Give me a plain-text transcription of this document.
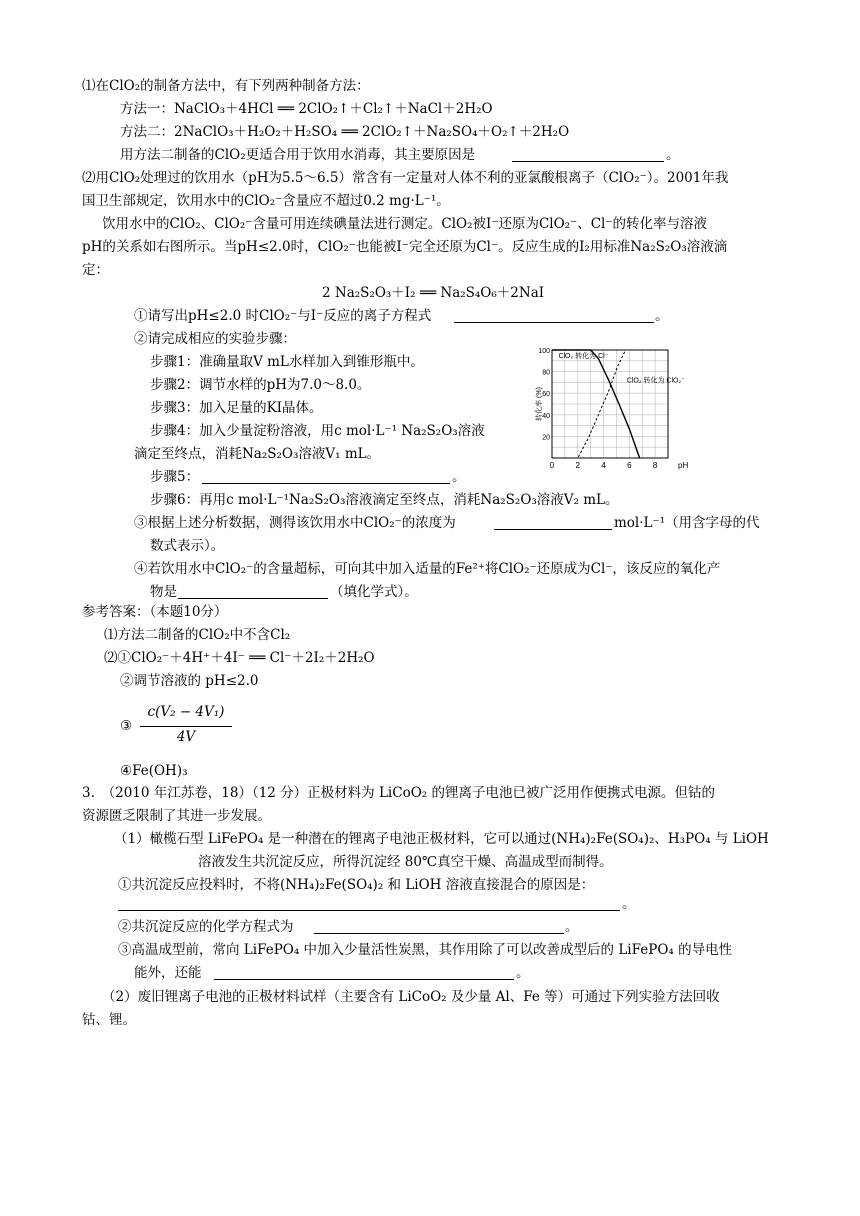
⑴在ClO₂的制备方法中，有下列两种制备方法：
方法一：NaClO₃＋4HCl ══ 2ClO₂↑＋Cl₂↑＋NaCl＋2H₂O
方法二：2NaClO₃＋H₂O₂＋H₂SO₄ ══ 2ClO₂↑＋Na₂SO₄＋O₂↑＋2H₂O
用方法二制备的ClO₂更适合用于饮用水消毒，其主要原因是	。
⑵用ClO₂处理过的饮用水（pH为5.5～6.5）常含有一定量对人体不利的亚氯酸根离子（ClO₂⁻）。2001年我
国卫生部规定，饮用水中的ClO₂⁻含量应不超过0.2 mg·L⁻¹。
饮用水中的ClO₂、ClO₂⁻含量可用连续碘量法进行测定。ClO₂被I⁻还原为ClO₂⁻、Cl⁻的转化率与溶液
pH的关系如右图所示。当pH≤2.0时，ClO₂⁻也能被I⁻完全还原为Cl⁻。反应生成的I₂用标准Na₂S₂O₃溶液滴
定：
2 Na₂S₂O₃＋I₂ ══ Na₂S₄O₆＋2NaI
①请写出pH≤2.0 时ClO₂⁻与I⁻反应的离子方程式	。
②请完成相应的实验步骤：
步骤1：准确量取V mL水样加入到锥形瓶中。
步骤2：调节水样的pH为7.0～8.0。
步骤3：加入足量的KI晶体。
步骤4：加入少量淀粉溶液，用c mol·L⁻¹ Na₂S₂O₃溶液
滴定至终点，消耗Na₂S₂O₃溶液V₁ mL。
步骤5：	。
步骤6：再用c mol·L⁻¹Na₂S₂O₃溶液滴定至终点，消耗Na₂S₂O₃溶液V₂ mL。
③根据上述分析数据，测得该饮用水中ClO₂⁻的浓度为	mol·L⁻¹（用含字母的代
数式表示）。
④若饮用水中ClO₂⁻的含量超标，可向其中加入适量的Fe²⁺将ClO₂⁻还原成为Cl⁻，该反应的氧化产
物是	（填化学式）。
参考答案：（本题10分）
⑴方法二制备的ClO₂中不含Cl₂
⑵①ClO₂⁻＋4H⁺＋4I⁻ ══ Cl⁻＋2I₂＋2H₂O
②调节溶液的 pH≤2.0
④Fe(OH)₃
3.　（2010 年江苏卷，18）（12 分）正极材料为 LiCoO₂ 的锂离子电池已被广泛用作便携式电源。但钴的
资源匮乏限制了其进一步发展。
（1）橄榄石型 LiFePO₄ 是一种潜在的锂离子电池正极材料，它可以通过(NH₄)₂Fe(SO₄)₂、H₃PO₄ 与 LiOH
溶液发生共沉淀反应，所得沉淀经 80℃真空干燥、高温成型而制得。
①共沉淀反应投料时，不将(NH₄)₂Fe(SO₄)₂ 和 LiOH 溶液直接混合的原因是：
。
②共沉淀反应的化学方程式为	。
③高温成型前，常向 LiFePO₄ 中加入少量活性炭黑，其作用除了可以改善成型后的 LiFePO₄ 的导电性
能外，还能	。
（2）废旧锂离子电池的正极材料试样（主要含有 LiCoO₂ 及少量 Al、Fe 等）可通过下列实验方法回收
钴、锂。
③
c(V₂ − 4V₁)
4V
0	2	4	6	8
20
40
60
80
100
pH
转化率 (%)
ClO₂ 转化为 Cl⁻
ClO₂ 转化为 ClO₂⁻
